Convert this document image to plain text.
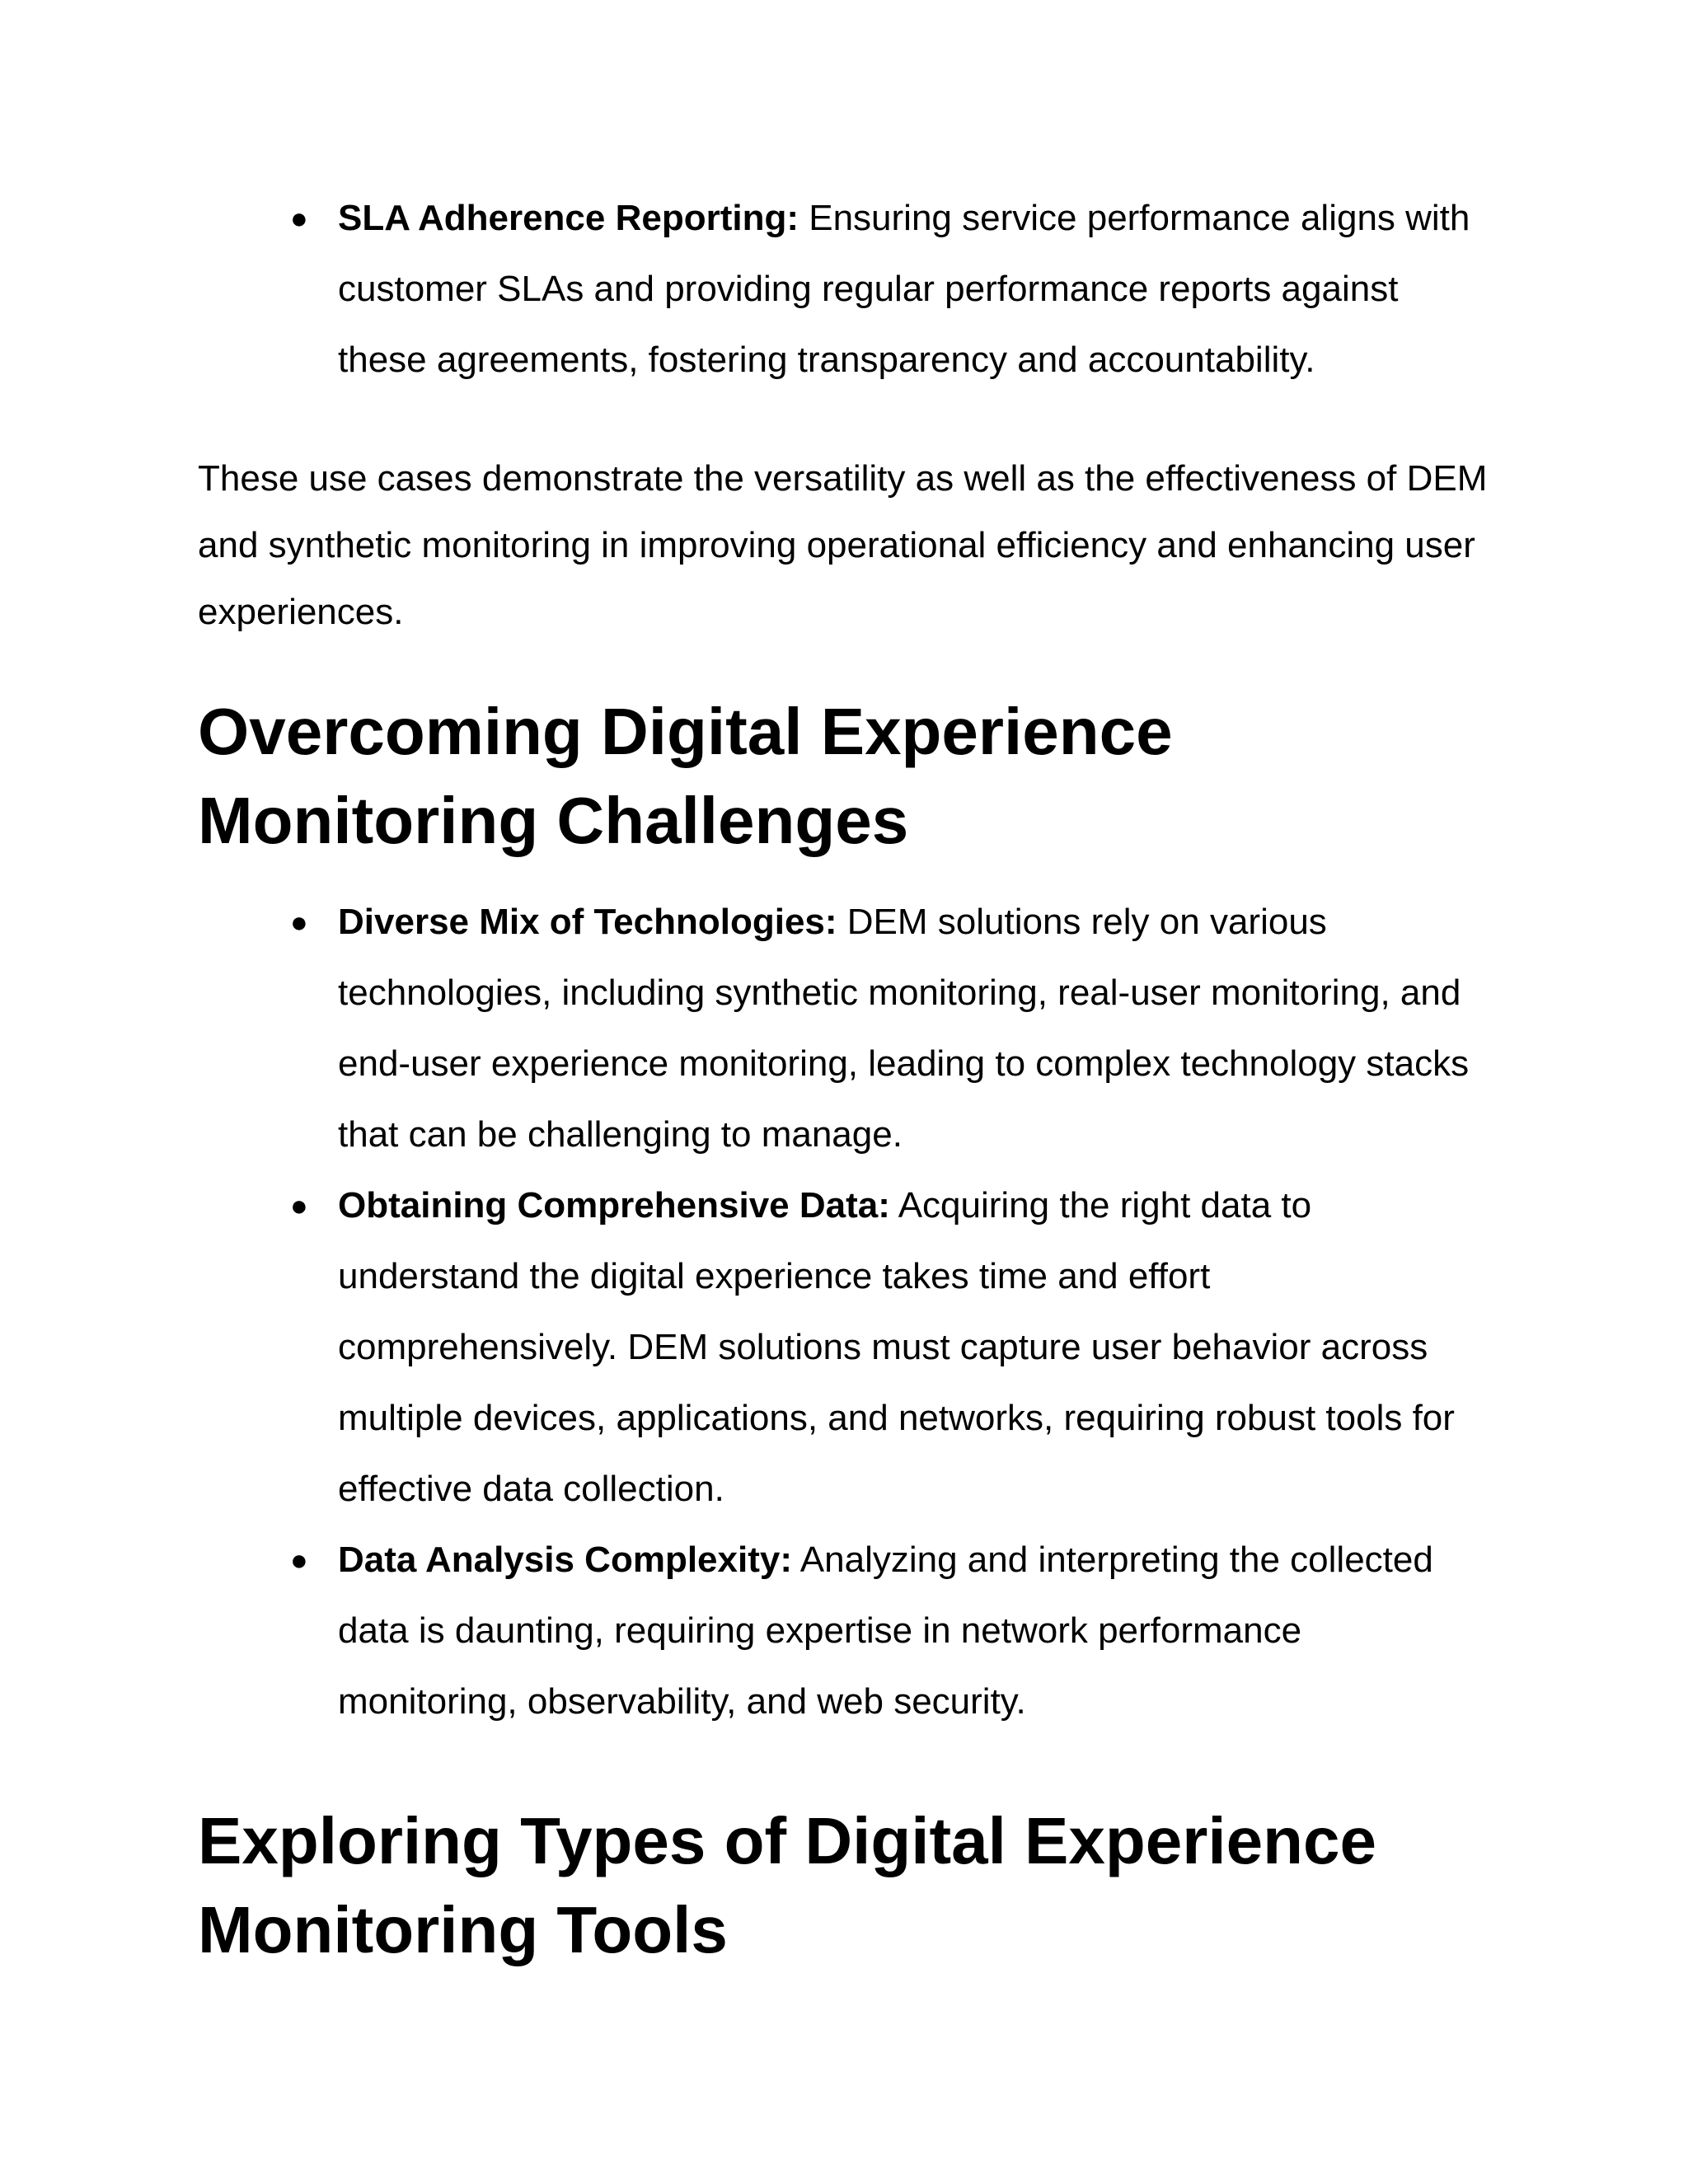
● SLA Adherence Reporting: Ensuring service performance aligns with customer SLAs and providing regular performance reports against these agreements, fostering transparency and accountability.

These use cases demonstrate the versatility as well as the effectiveness of DEM and synthetic monitoring in improving operational efficiency and enhancing user experiences.

Overcoming Digital Experience
Monitoring Challenges
● Diverse Mix of Technologies: DEM solutions rely on various technologies, including synthetic monitoring, real-user monitoring, and end-user experience monitoring, leading to complex technology stacks that can be challenging to manage.
● Obtaining Comprehensive Data: Acquiring the right data to understand the digital experience takes time and effort comprehensively. DEM solutions must capture user behavior across multiple devices, applications, and networks, requiring robust tools for effective data collection.
● Data Analysis Complexity: Analyzing and interpreting the collected data is daunting, requiring expertise in network performance monitoring, observability, and web security.
Exploring Types of Digital Experience
Monitoring Tools
